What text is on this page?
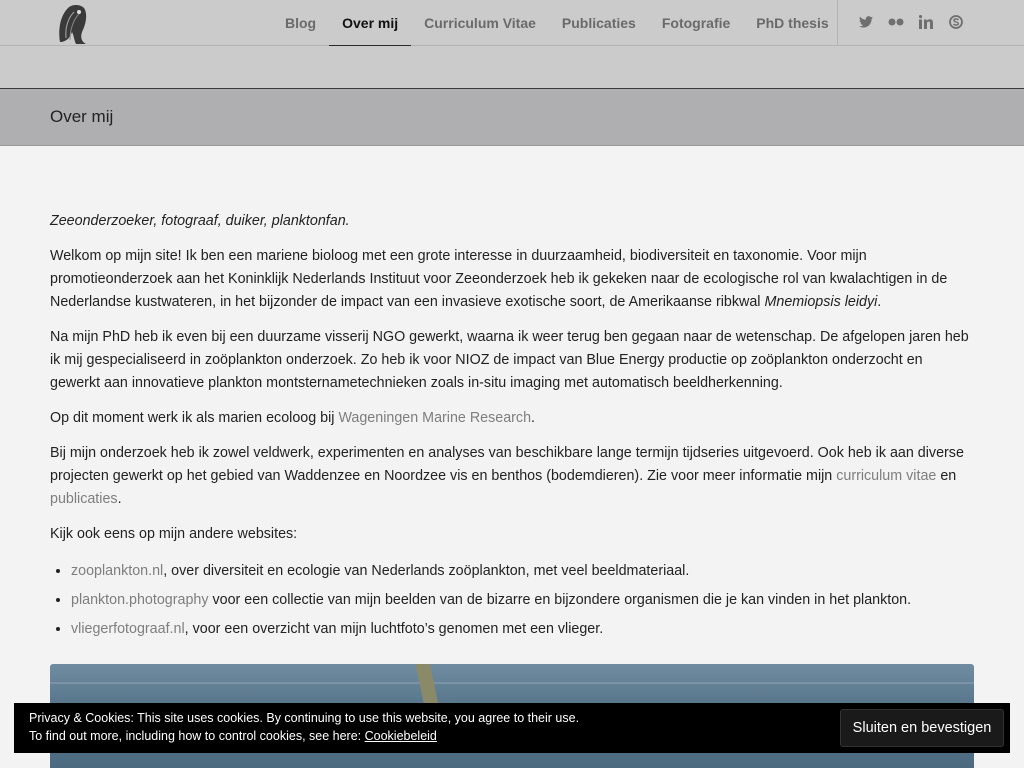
Blog	Over mij	Curriculum Vitae	Publicaties	Fotografie	PhD thesis
Over mij

Zeeonderzoeker, fotograaf, duiker, planktonfan.

Welkom op mijn site! Ik ben een mariene bioloog met een grote interesse in duurzaamheid, biodiversiteit en taxonomie. Voor mijn promotieonderzoek aan het Koninklijk Nederlands Instituut voor Zeeonderzoek heb ik gekeken naar de ecologische rol van kwalachtigen in de Nederlandse kustwateren, in het bijzonder de impact van een invasieve exotische soort, de Amerikaanse ribkwal Mnemiopsis leidyi.

Na mijn PhD heb ik even bij een duurzame visserij NGO gewerkt, waarna ik weer terug ben gegaan naar de wetenschap. De afgelopen jaren heb ik mij gespecialiseerd in zoöplankton onderzoek. Zo heb ik voor NIOZ de impact van Blue Energy productie op zoöplankton onderzocht en gewerkt aan innovatieve plankton montsternametechnieken zoals in-situ imaging met automatisch beeldherkenning.

Op dit moment werk ik als marien ecoloog bij Wageningen Marine Research.

Bij mijn onderzoek heb ik zowel veldwerk, experimenten en analyses van beschikbare lange termijn tijdseries uitgevoerd. Ook heb ik aan diverse projecten gewerkt op het gebied van Waddenzee en Noordzee vis en benthos (bodemdieren). Zie voor meer informatie mijn curriculum vitae en publicaties.

Kijk ook eens op mijn andere websites:

• zooplankton.nl, over diversiteit en ecologie van Nederlands zoöplankton, met veel beeldmateriaal.
• plankton.photography voor een collectie van mijn beelden van de bizarre en bijzondere organismen die je kan vinden in het plankton.
• vliegerfotograaf.nl, voor een overzicht van mijn luchtfoto’s genomen met een vlieger.
Privacy & Cookies: This site uses cookies. By continuing to use this website, you agree to their use.
To find out more, including how to control cookies, see here: Cookiebeleid	Sluiten en bevestigen
